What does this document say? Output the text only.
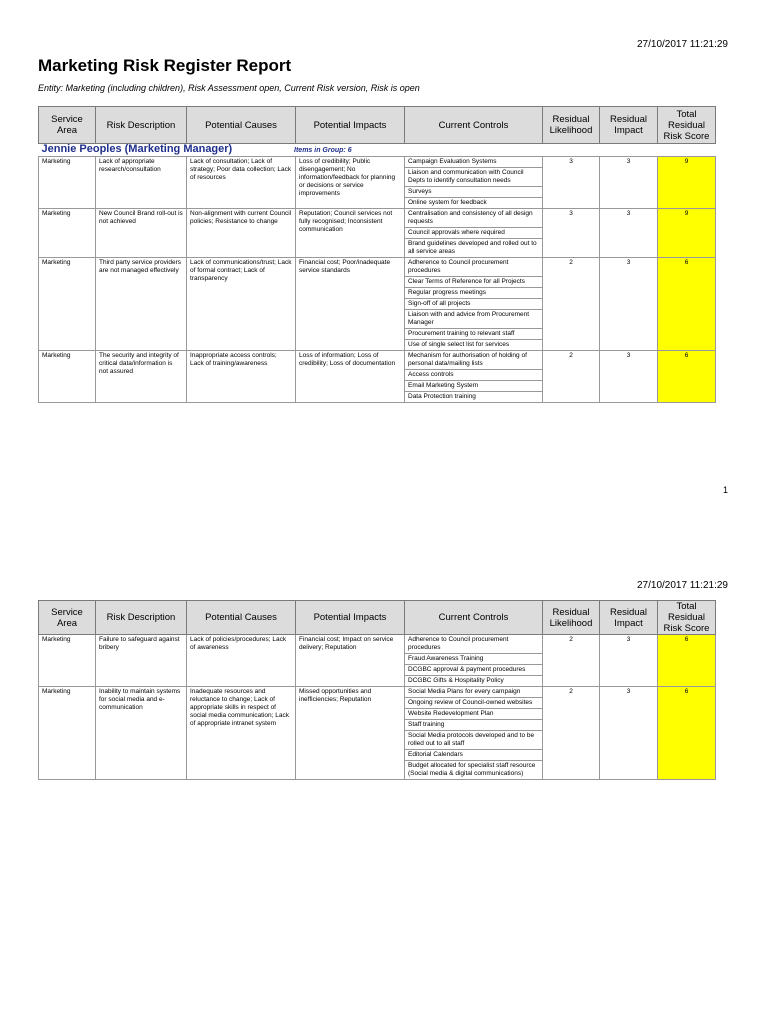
27/10/2017 11:21:29
Marketing Risk Register Report
Entity: Marketing (including children), Risk Assessment open, Current Risk version, Risk is open
Service Area	Risk Description	Potential Causes	Potential Impacts	Current Controls	Residual Likelihood	Residual Impact	Total Residual Risk Score
Jennie Peoples (Marketing Manager) Items in Group: 6							
Marketing	Lack of appropriate research/consultation	Lack of consultation; Lack of strategy; Poor data collection; Lack of resources	Loss of credibility; Public disengagement; No information/feedback for planning or decisions or service improvements	Campaign Evaluation Systems	3	3	9
				Liaison and communication with Council Depts to identify consultation needs			
				Surveys			
				Online system for feedback			
Marketing	New Council Brand roll-out is not achieved	Non-alignment with current Council policies; Resistance to change	Reputation; Council services not fully recognised; Inconsistent communication	Centralisation and consistency of all design requests	3	3	9
				Council approvals where required			
				Brand guidelines developed and rolled out to all service areas			
Marketing	Third party service providers are not managed effectively	Lack of communications/trust; Lack of formal contract; Lack of transparency	Financial cost; Poor/inadequate service standards	Adherence to Council procurement procedures	2	3	6
				Clear Terms of Reference for all Projects			
				Regular progress meetings			
				Sign-off of all projects			
				Liaison with and advice from Procurement Manager			
				Procurement training to relevant staff			
				Use of single select list for services			
Marketing	The security and integrity of critical data/information is not assured	Inappropriate access controls; Lack of training/awareness	Loss of information; Loss of credibility; Loss of documentation	Mechanism for authorisation of holding of personal data/mailing lists	2	3	6
				Access controls			
				Email Marketing System			
				Data Protection training			
1
27/10/2017 11:21:29
Service Area	Risk Description	Potential Causes	Potential Impacts	Current Controls	Residual Likelihood	Residual Impact	Total Residual Risk Score
Marketing	Failure to safeguard against bribery	Lack of policies/procedures; Lack of awareness	Financial cost; Impact on service delivery; Reputation	Adherence to Council procurement procedures	2	3	6
				Fraud Awareness Training			
				DCGBC approval & payment procedures			
				DCGBC Gifts & Hospitality Policy			
Marketing	Inability to maintain systems for social media and e-communication	Inadequate resources and reluctance to change; Lack of appropriate skills in respect of social media communication; Lack of appropriate intranet system	Missed opportunities and inefficiencies; Reputation	Social Media Plans for every campaign	2	3	6
				Ongoing review of Council-owned websites			
				Website Redevelopment Plan			
				Staff training			
				Social Media protocols developed and to be rolled out to all staff			
				Editorial Calendars			
				Budget allocated for specialist staff resource (Social media & digital communications)			
